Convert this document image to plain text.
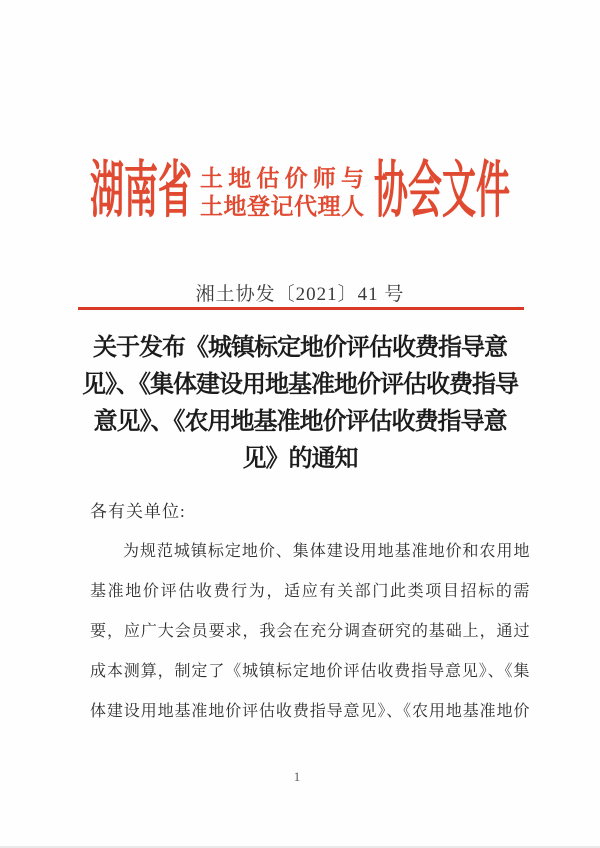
湖南省 土地估价师与
土地登记代理人 协会文件
湘土协发〔2021〕41 号
关于发布《城镇标定地价评估收费指导意
见》、《集体建设用地基准地价评估收费指导
意见》、《农用地基准地价评估收费指导意
见》的通知
各有关单位:
为规范城镇标定地价、集体建设用地基准地价和农用地
基准地价评估收费行为，适应有关部门此类项目招标的需
要，应广大会员要求，我会在充分调查研究的基础上，通过
成本测算，制定了《城镇标定地价评估收费指导意见》、《集
体建设用地基准地价评估收费指导意见》、《农用地基准地价
1
